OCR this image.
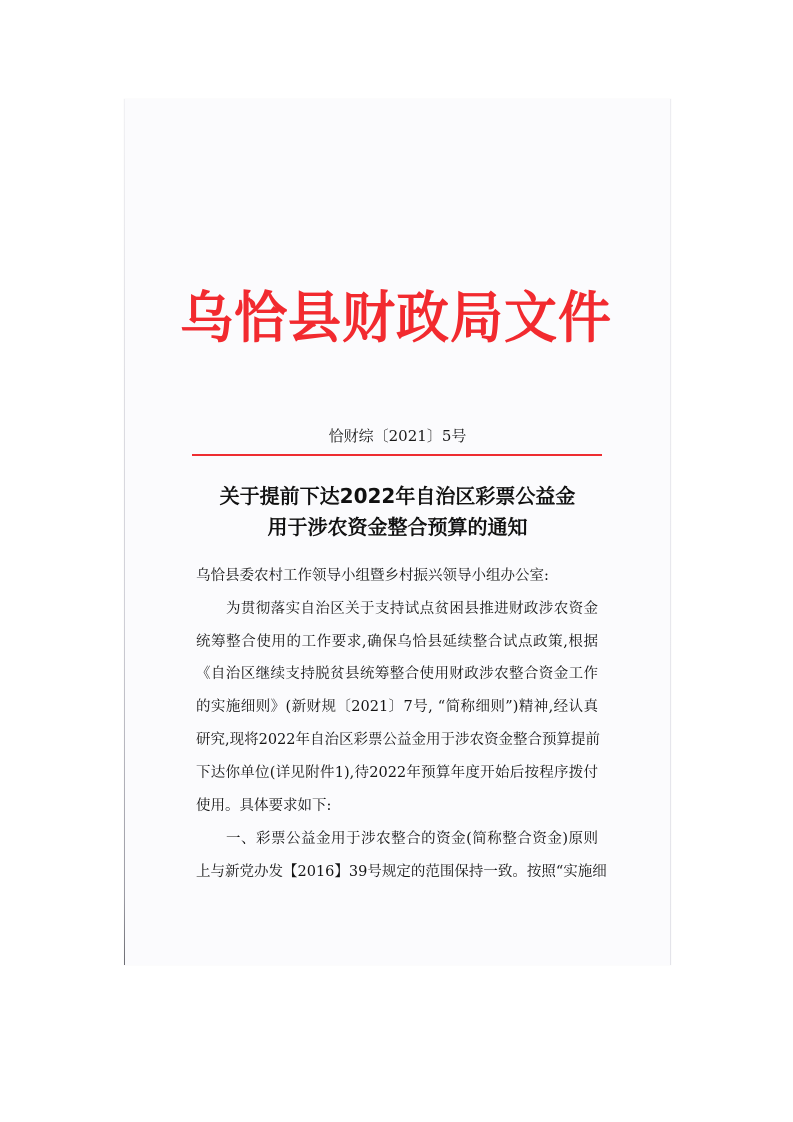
乌恰县财政局文件
恰财综〔2021〕5号
关于提前下达2022年自治区彩票公益金
用于涉农资金整合预算的通知
乌恰县委农村工作领导小组暨乡村振兴领导小组办公室:
为贯彻落实自治区关于支持试点贫困县推进财政涉农资金
统筹整合使用的工作要求,确保乌恰县延续整合试点政策,根据
《自治区继续支持脱贫县统筹整合使用财政涉农整合资金工作
的实施细则》(新财规〔2021〕7号, “简称细则”)精神,经认真
研究,现将2022年自治区彩票公益金用于涉农资金整合预算提前
下达你单位(详见附件1),待2022年预算年度开始后按程序拨付
使用。具体要求如下:
一、彩票公益金用于涉农整合的资金(简称整合资金)原则
上与新党办发【2016】39号规定的范围保持一致。按照“实施细
